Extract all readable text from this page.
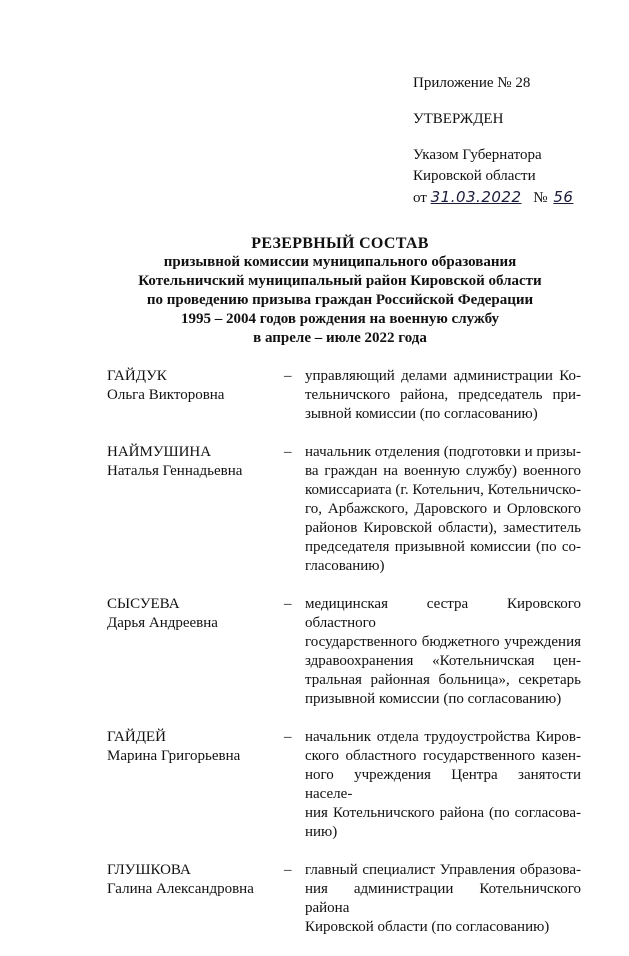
Приложение № 28
УТВЕРЖДЕН
Указом Губернатора
Кировской области
от 31.03.2022 № 56
РЕЗЕРВНЫЙ СОСТАВ
призывной комиссии муниципального образования
Котельничский муниципальный район Кировской области
по проведению призыва граждан Российской Федерации
1995 – 2004 годов рождения на военную службу
в апреле – июле 2022 года
ГАЙДУК
Ольга Викторовна
– управляющий делами администрации Ко-
тельничского района, председатель при-
зывной комиссии (по согласованию)
НАЙМУШИНА
Наталья Геннадьевна
– начальник отделения (подготовки и призы-
ва граждан на военную службу) военного
комиссариата (г. Котельнич, Котельничско-
го, Арбажского, Даровского и Орловского
районов Кировской области), заместитель
председателя призывной комиссии (по со-
гласованию)
СЫСУЕВА
Дарья Андреевна
– медицинская сестра Кировского областного
государственного бюджетного учреждения
здравоохранения «Котельничская цен-
тральная районная больница», секретарь
призывной комиссии (по согласованию)
ГАЙДЕЙ
Марина Григорьевна
– начальник отдела трудоустройства Киров-
ского областного государственного казен-
ного учреждения Центра занятости населе-
ния Котельничского района (по согласова-
нию)
ГЛУШКОВА
Галина Александровна
– главный специалист Управления образова-
ния администрации Котельничского района
Кировской области (по согласованию)
